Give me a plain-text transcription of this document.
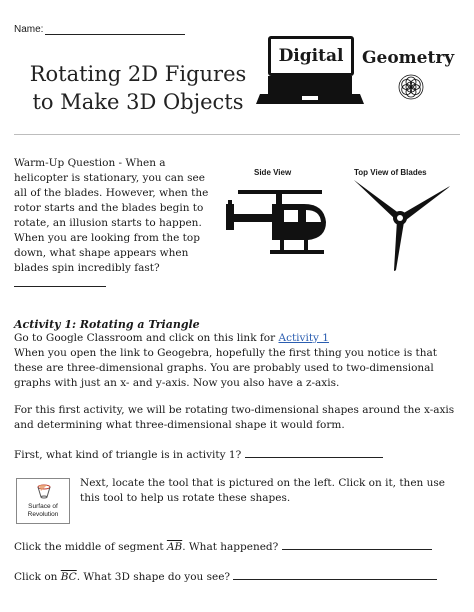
Name:
Rotating 2D Figures
to Make 3D Objects
Digital Geometry
Warm-Up Question - When a helicopter is stationary, you can see all of the blades. However, when the rotor starts and the blades begin to rotate, an illusion starts to happen. When you are looking from the top down, what shape appears when blades spin incredibly fast?
Side View	Top View of Blades
Activity 1: Rotating a Triangle
Go to Google Classroom and click on this link for Activity 1
When you open the link to Geogebra, hopefully the first thing you notice is that these are three-dimensional graphs. You are probably used to two-dimensional graphs with just an x- and y-axis. Now you also have a z-axis.
For this first activity, we will be rotating two-dimensional shapes around the x-axis and determining what three-dimensional shape it would form.
First, what kind of triangle is in activity 1?
Surface of Revolution
Next, locate the tool that is pictured on the left. Click on it, then use this tool to help us rotate these shapes.
Click the middle of segment $\overline{AB}$. What happened?
Click on $\overline{BC}$. What 3D shape do you see?
